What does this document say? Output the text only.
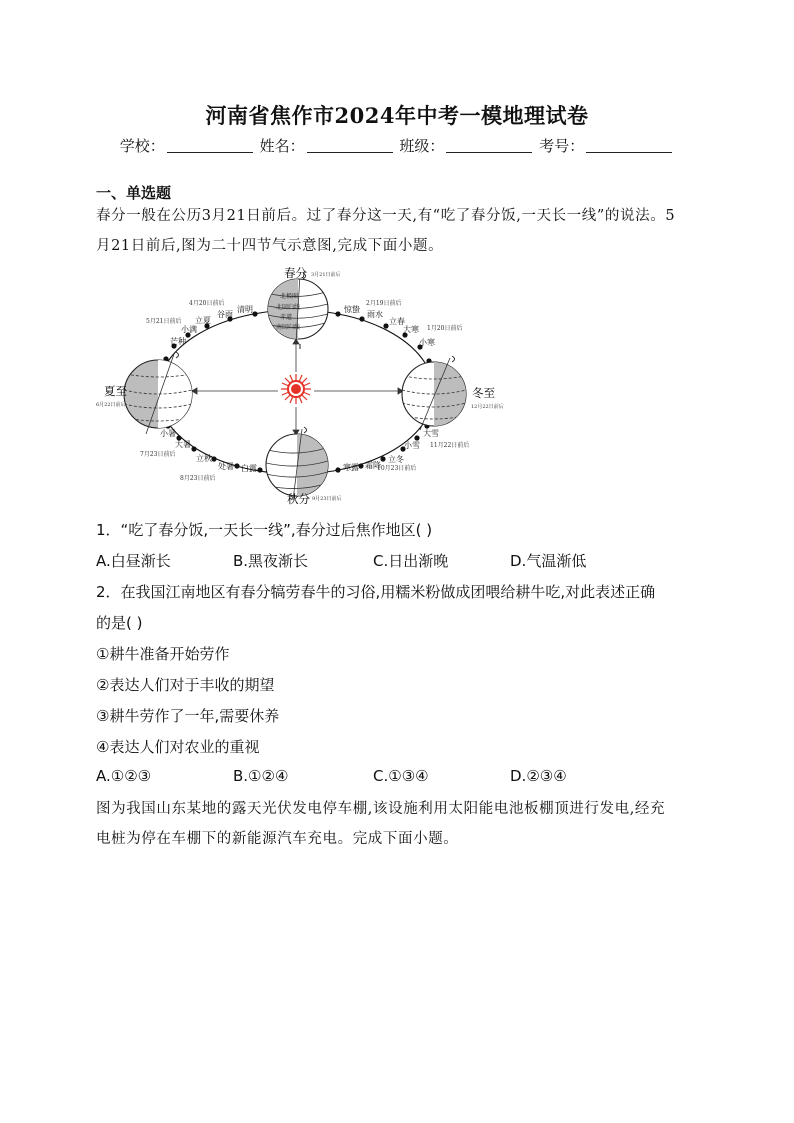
河南省焦作市2024年中考一模地理试卷
学校：	姓名：	班级：	考号：
一、单选题
春分一般在公历3月21日前后。过了春分这一天,有“吃了春分饭,一天长一线”的说法。5
月21日前后,图为二十四节气示意图,完成下面小题。
北极圈
北回归线
赤道
南回归线
春分 3月21日前后
夏至
6月22日前后
秋分 9月23日前后
冬至
12月22日前后
清明
谷雨
立夏
小满
芒种
小暑
大暑
立秋
处暑 白露	寒露 霜降
立冬
小雪
大雪
小寒
大寒
立春
雨水
惊蛰
4月20日前后
5月21日前后
7月23日前后
8月23日前后
10月23日前后
11月22日前后
1月20日前后
2月19日前后
1．“吃了春分饭,一天长一线”,春分过后焦作地区( )
A.白昼渐长	B.黑夜渐长	C.日出渐晚	D.气温渐低
2．在我国江南地区有春分犒劳春牛的习俗,用糯米粉做成团喂给耕牛吃,对此表述正确
的是( )
①耕牛准备开始劳作
②表达人们对于丰收的期望
③耕牛劳作了一年,需要休养
④表达人们对农业的重视
A.①②③	B.①②④	C.①③④	D.②③④
图为我国山东某地的露天光伏发电停车棚,该设施利用太阳能电池板棚顶进行发电,经充
电桩为停在车棚下的新能源汽车充电。完成下面小题。
